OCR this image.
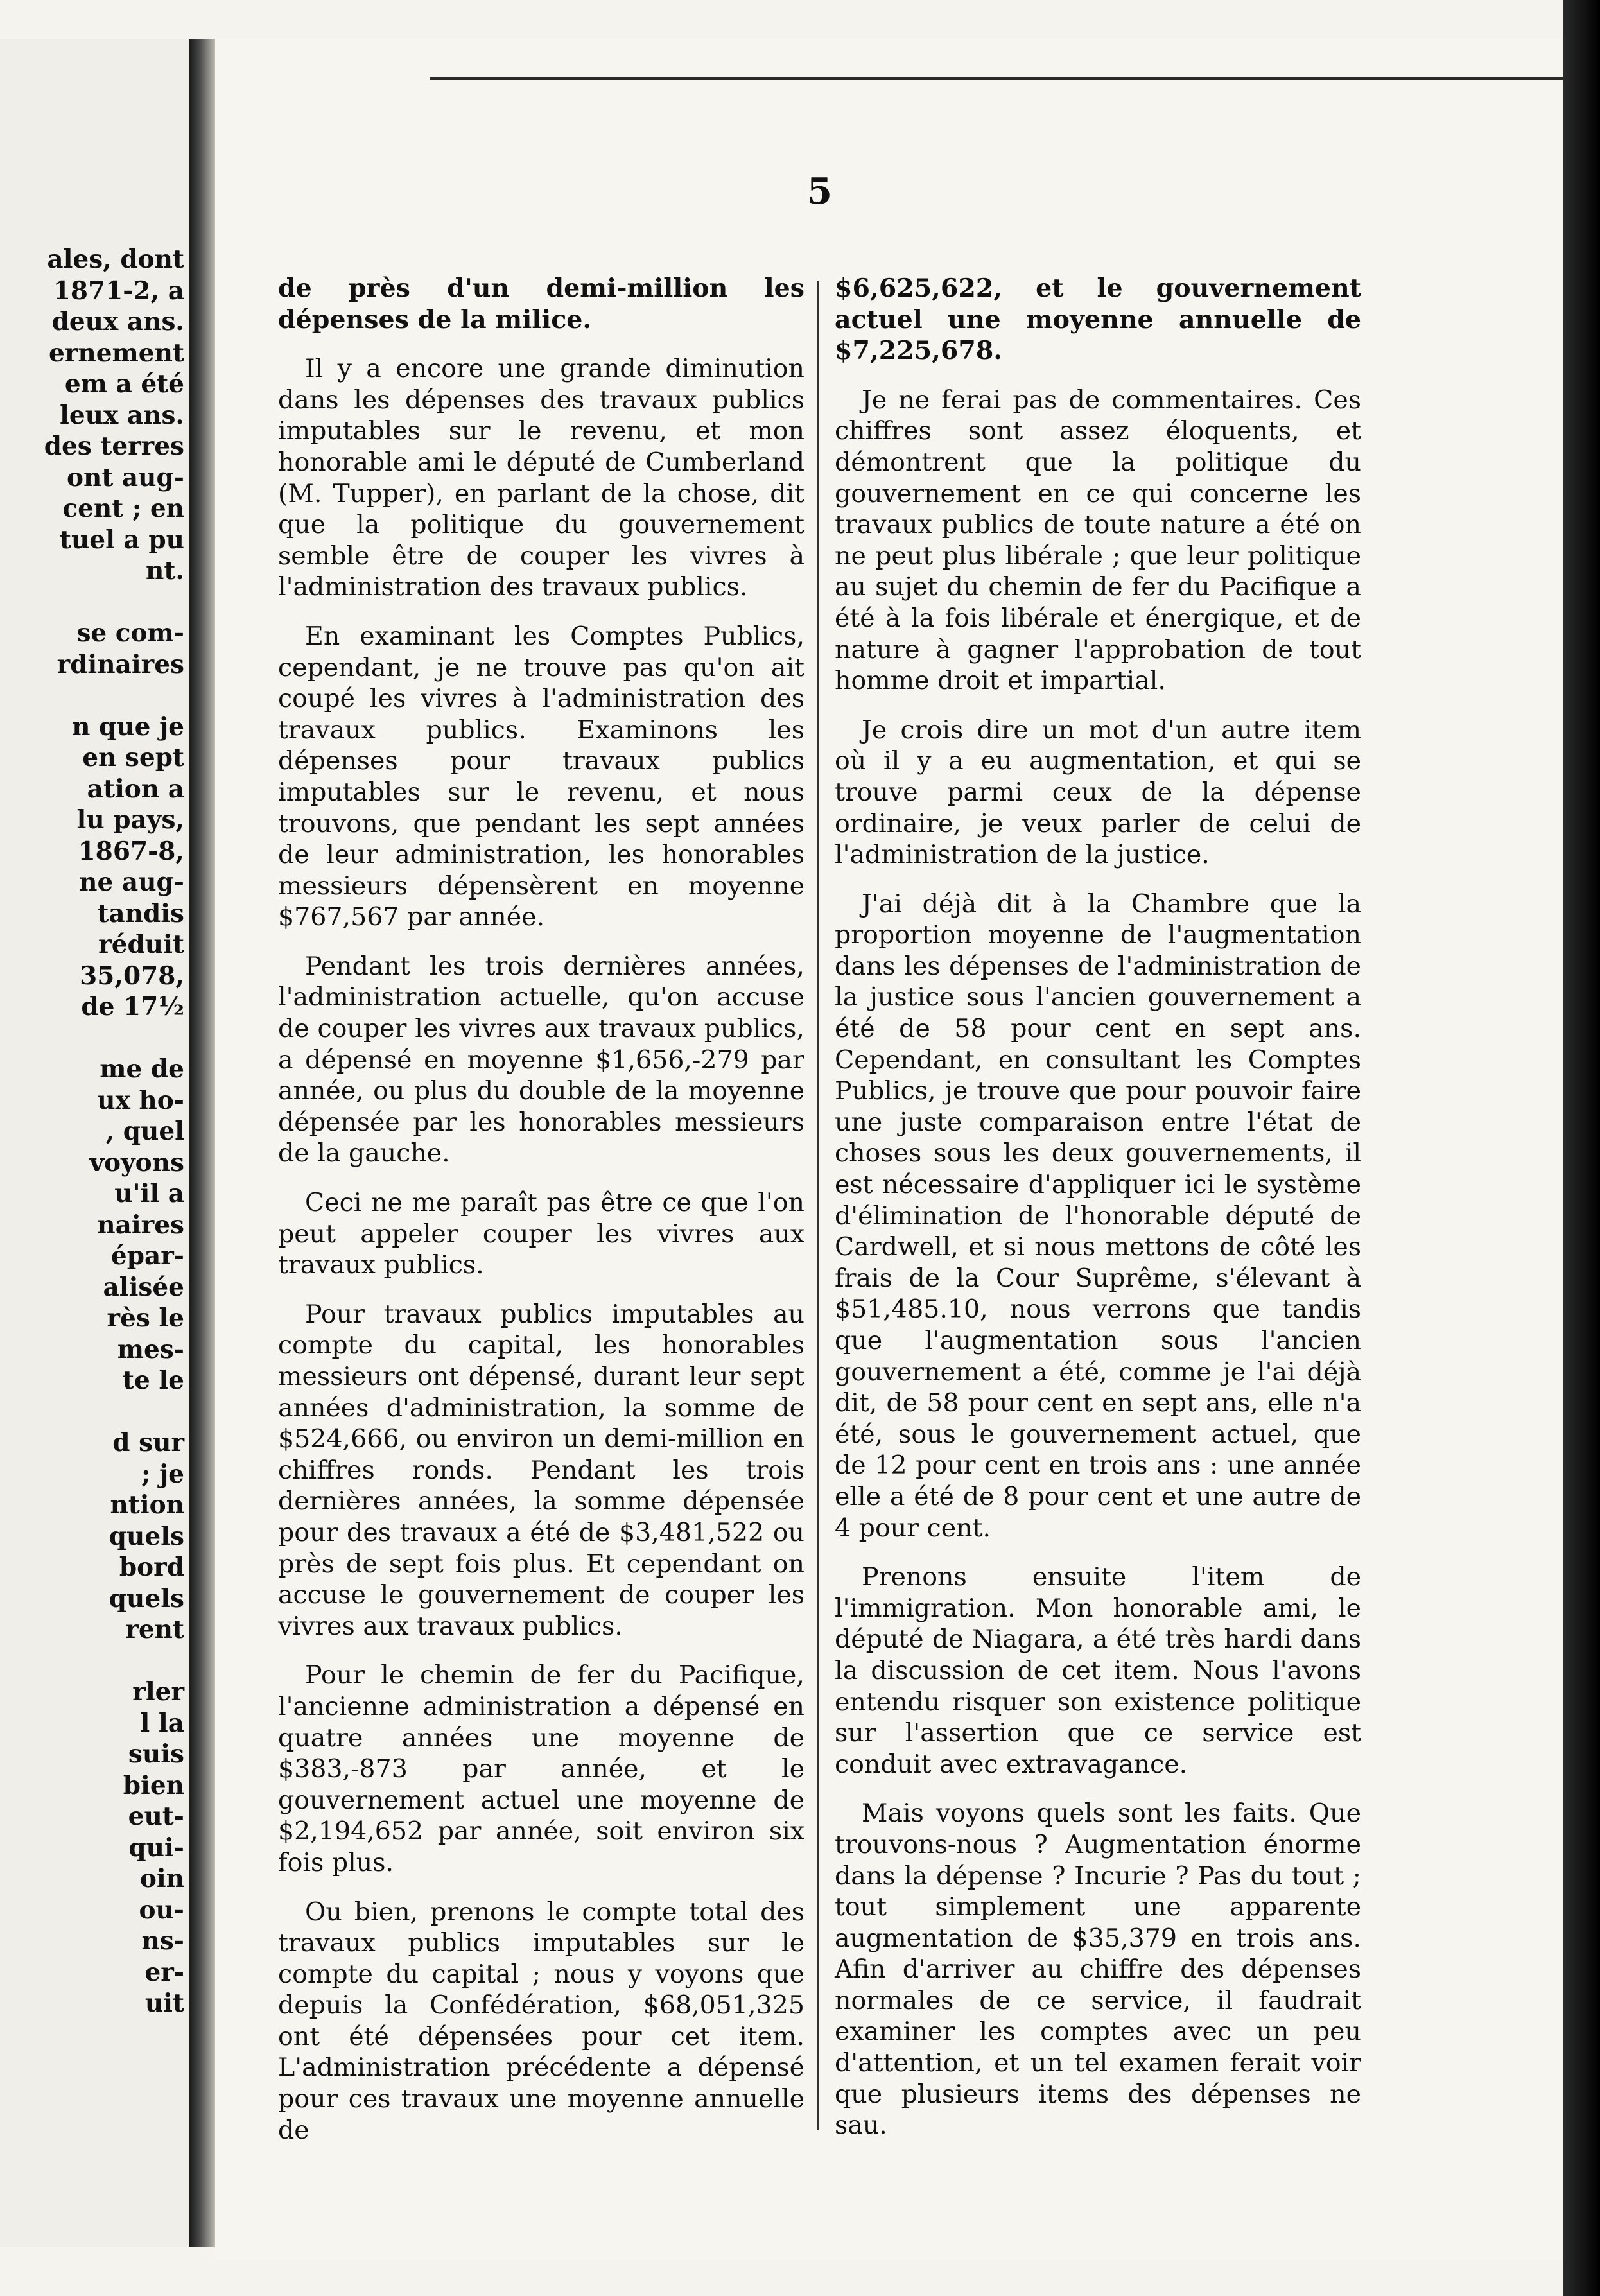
ales, dont
1871-2, a
deux ans.
ernement
em a été
leux ans.
des terres
ont aug-
cent ; en
tuel a pu
nt.
se com-
rdinaires
n que je
en sept
ation a
lu pays,
1867-8,
ne aug-
tandis
réduit
35,078,
de 17½
me de
ux ho-
, quel
voyons
u'il a
naires
épar-
alisée
rès le
mes-
te le
d sur
; je
ntion
quels
bord
quels
rent
rler
l la
suis
bien
eut-
qui-
oin
ou-
ns-
er-
uit
5

de près d'un demi-million les dépenses de la milice.

Il y a encore une grande diminution dans les dépenses des travaux publics imputables sur le revenu, et mon honorable ami le député de Cumberland (M. Tupper), en parlant de la chose, dit que la politique du gouvernement semble être de couper les vivres à l'administration des travaux publics.

En examinant les Comptes Publics, cependant, je ne trouve pas qu'on ait coupé les vivres à l'administration des travaux publics. Examinons les dépenses pour travaux publics imputables sur le revenu, et nous trouvons, que pendant les sept années de leur administration, les honorables messieurs dépensèrent en moyenne $767,567 par année.

Pendant les trois dernières années, l'administration actuelle, qu'on accuse de couper les vivres aux travaux publics, a dépensé en moyenne $1,656,-279 par année, ou plus du double de la moyenne dépensée par les honorables messieurs de la gauche.

Ceci ne me paraît pas être ce que l'on peut appeler couper les vivres aux travaux publics.

Pour travaux publics imputables au compte du capital, les honorables messieurs ont dépensé, durant leur sept années d'administration, la somme de $524,666, ou environ un demi-million en chiffres ronds. Pendant les trois dernières années, la somme dépensée pour des travaux a été de $3,481,522 ou près de sept fois plus. Et cependant on accuse le gouvernement de couper les vivres aux travaux publics.

Pour le chemin de fer du Pacifique, l'ancienne administration a dépensé en quatre années une moyenne de $383,-873 par année, et le gouvernement actuel une moyenne de $2,194,652 par année, soit environ six fois plus.

Ou bien, prenons le compte total des travaux publics imputables sur le compte du capital ; nous y voyons que depuis la Confédération, $68,051,325 ont été dépensées pour cet item. L'administration précédente a dépensé pour ces travaux une moyenne annuelle de

$6,625,622, et le gouvernement actuel une moyenne annuelle de $7,225,678.

Je ne ferai pas de commentaires. Ces chiffres sont assez éloquents, et démontrent que la politique du gouvernement en ce qui concerne les travaux publics de toute nature a été on ne peut plus libérale ; que leur politique au sujet du chemin de fer du Pacifique a été à la fois libérale et énergique, et de nature à gagner l'approbation de tout homme droit et impartial.

Je crois dire un mot d'un autre item où il y a eu augmentation, et qui se trouve parmi ceux de la dépense ordinaire, je veux parler de celui de l'administration de la justice.

J'ai déjà dit à la Chambre que la proportion moyenne de l'augmentation dans les dépenses de l'administration de la justice sous l'ancien gouvernement a été de 58 pour cent en sept ans. Cependant, en consultant les Comptes Publics, je trouve que pour pouvoir faire une juste comparaison entre l'état de choses sous les deux gouvernements, il est nécessaire d'appliquer ici le système d'élimination de l'honorable député de Cardwell, et si nous mettons de côté les frais de la Cour Suprême, s'élevant à $51,485.10, nous verrons que tandis que l'augmentation sous l'ancien gouvernement a été, comme je l'ai déjà dit, de 58 pour cent en sept ans, elle n'a été, sous le gouvernement actuel, que de 12 pour cent en trois ans : une année elle a été de 8 pour cent et une autre de 4 pour cent.

Prenons ensuite l'item de l'immigration. Mon honorable ami, le député de Niagara, a été très hardi dans la discussion de cet item. Nous l'avons entendu risquer son existence politique sur l'assertion que ce service est conduit avec extravagance.

Mais voyons quels sont les faits. Que trouvons-nous ? Augmentation énorme dans la dépense ? Incurie ? Pas du tout ; tout simplement une apparente augmentation de $35,379 en trois ans. Afin d'arriver au chiffre des dépenses normales de ce service, il faudrait examiner les comptes avec un peu d'attention, et un tel examen ferait voir que plusieurs items des dépenses ne sau.
